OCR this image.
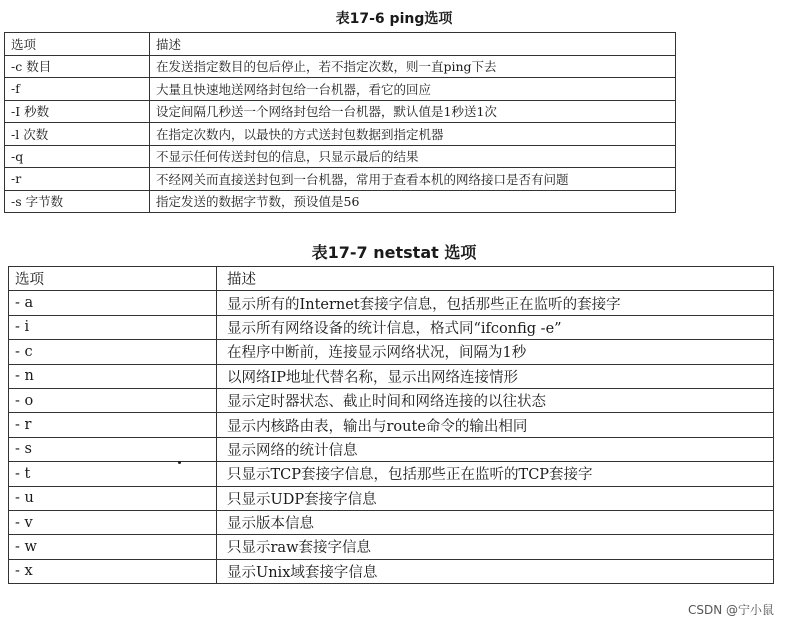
表17-6 ping选项
选项	描述
-c 数目	在发送指定数目的包后停止，若不指定次数，则一直ping下去
-f	大量且快速地送网络封包给一台机器，看它的回应
-I 秒数	设定间隔几秒送一个网络封包给一台机器，默认值是1秒送1次
-l 次数	在指定次数内，以最快的方式送封包数据到指定机器
-q	不显示任何传送封包的信息，只显示最后的结果
-r	不经网关而直接送封包到一台机器，常用于查看本机的网络接口是否有问题
-s 字节数	指定发送的数据字节数，预设值是56
表17-7 netstat 选项
选项	描述
- a	显示所有的Internet套接字信息，包括那些正在监听的套接字
- i	显示所有网络设备的统计信息，格式同“ifconfig -e”
- c	在程序中断前，连接显示网络状况，间隔为1秒
- n	以网络IP地址代替名称，显示出网络连接情形
- o	显示定时器状态、截止时间和网络连接的以往状态
- r	显示内核路由表，输出与route命令的输出相同
- s	显示网络的统计信息
- t	只显示TCP套接字信息，包括那些正在监听的TCP套接字
- u	只显示UDP套接字信息
- v	显示版本信息
- w	只显示raw套接字信息
- x	显示Unix域套接字信息
CSDN @宁小鼠
